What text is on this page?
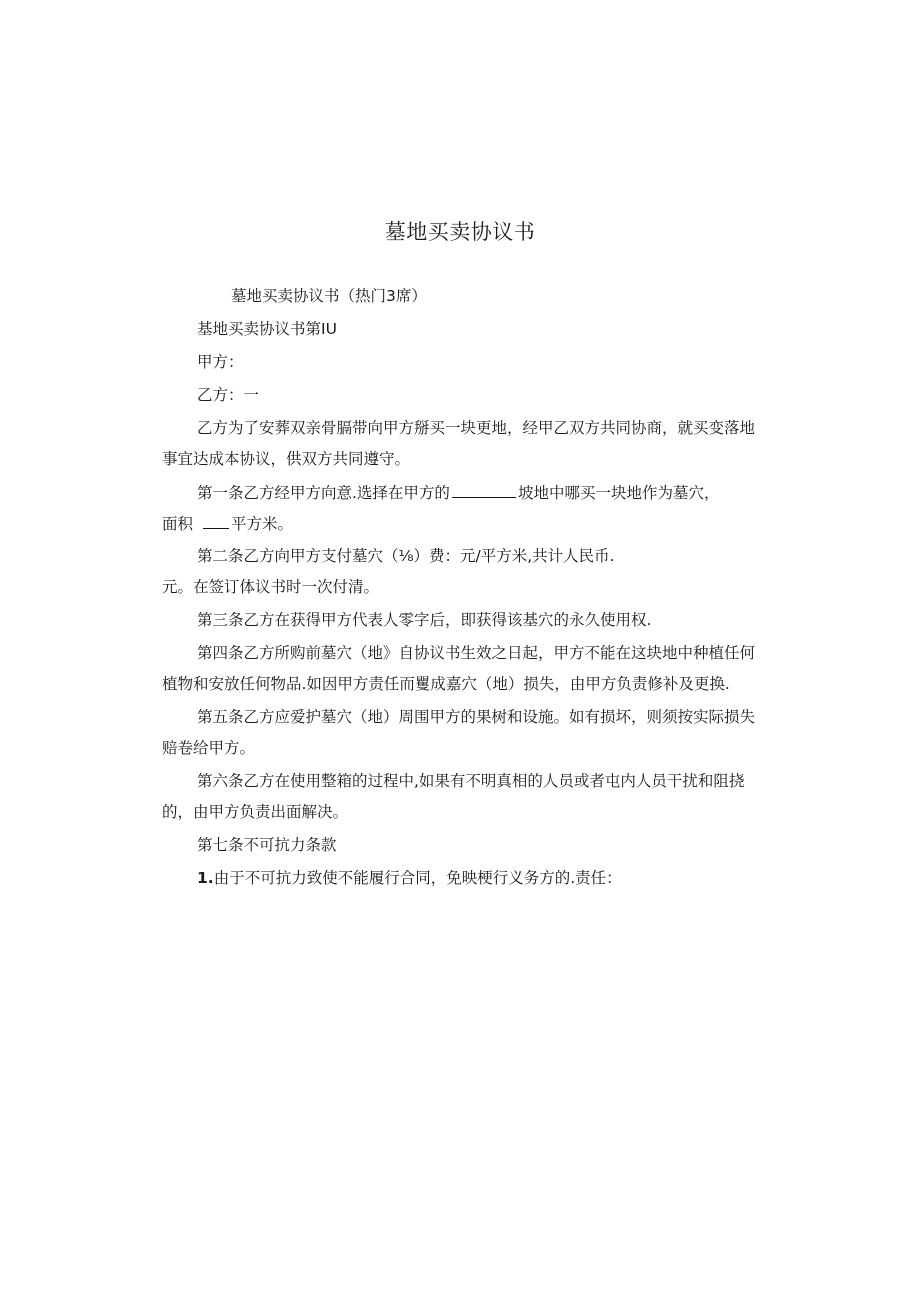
墓地买卖协议书
墓地买卖协议书（热门3席）
基地买卖协议书第IU
甲方：
乙方：一
乙方为了安葬双亲骨膈带向甲方掰买一块更地，经甲乙双方共同协商，就买变落地
事宜达成本协议，供双方共同遵守。
第一条乙方经甲方向意.选择在甲方的	坡地中哪买一块地作为墓穴，
面积 平方米。
第二条乙方向甲方支付墓穴（⅛）费：元/平方米,共计人民币.
元。在签订体议书时一次付清。
第三条乙方在获得甲方代表人零字后，即获得该基穴的永久使用权.
第四条乙方所购前墓穴（地》自协议书生效之日起，甲方不能在这块地中种植任何
植物和安放任何物品.如因甲方责任而矍成嘉穴（地）损失，由甲方负责修补及更换.
第五条乙方应爱护墓穴（地）周围甲方的果树和设施。如有损坏，则须按实际损失
赔卷给甲方。
第六条乙方在使用整箱的过程中,如果有不明真相的人员或者屯内人员干扰和阻挠
的，由甲方负责出面解决。
第七条不可抗力条款
1.由于不可抗力致使不能履行合同，免映梗行义务方的.责任：
